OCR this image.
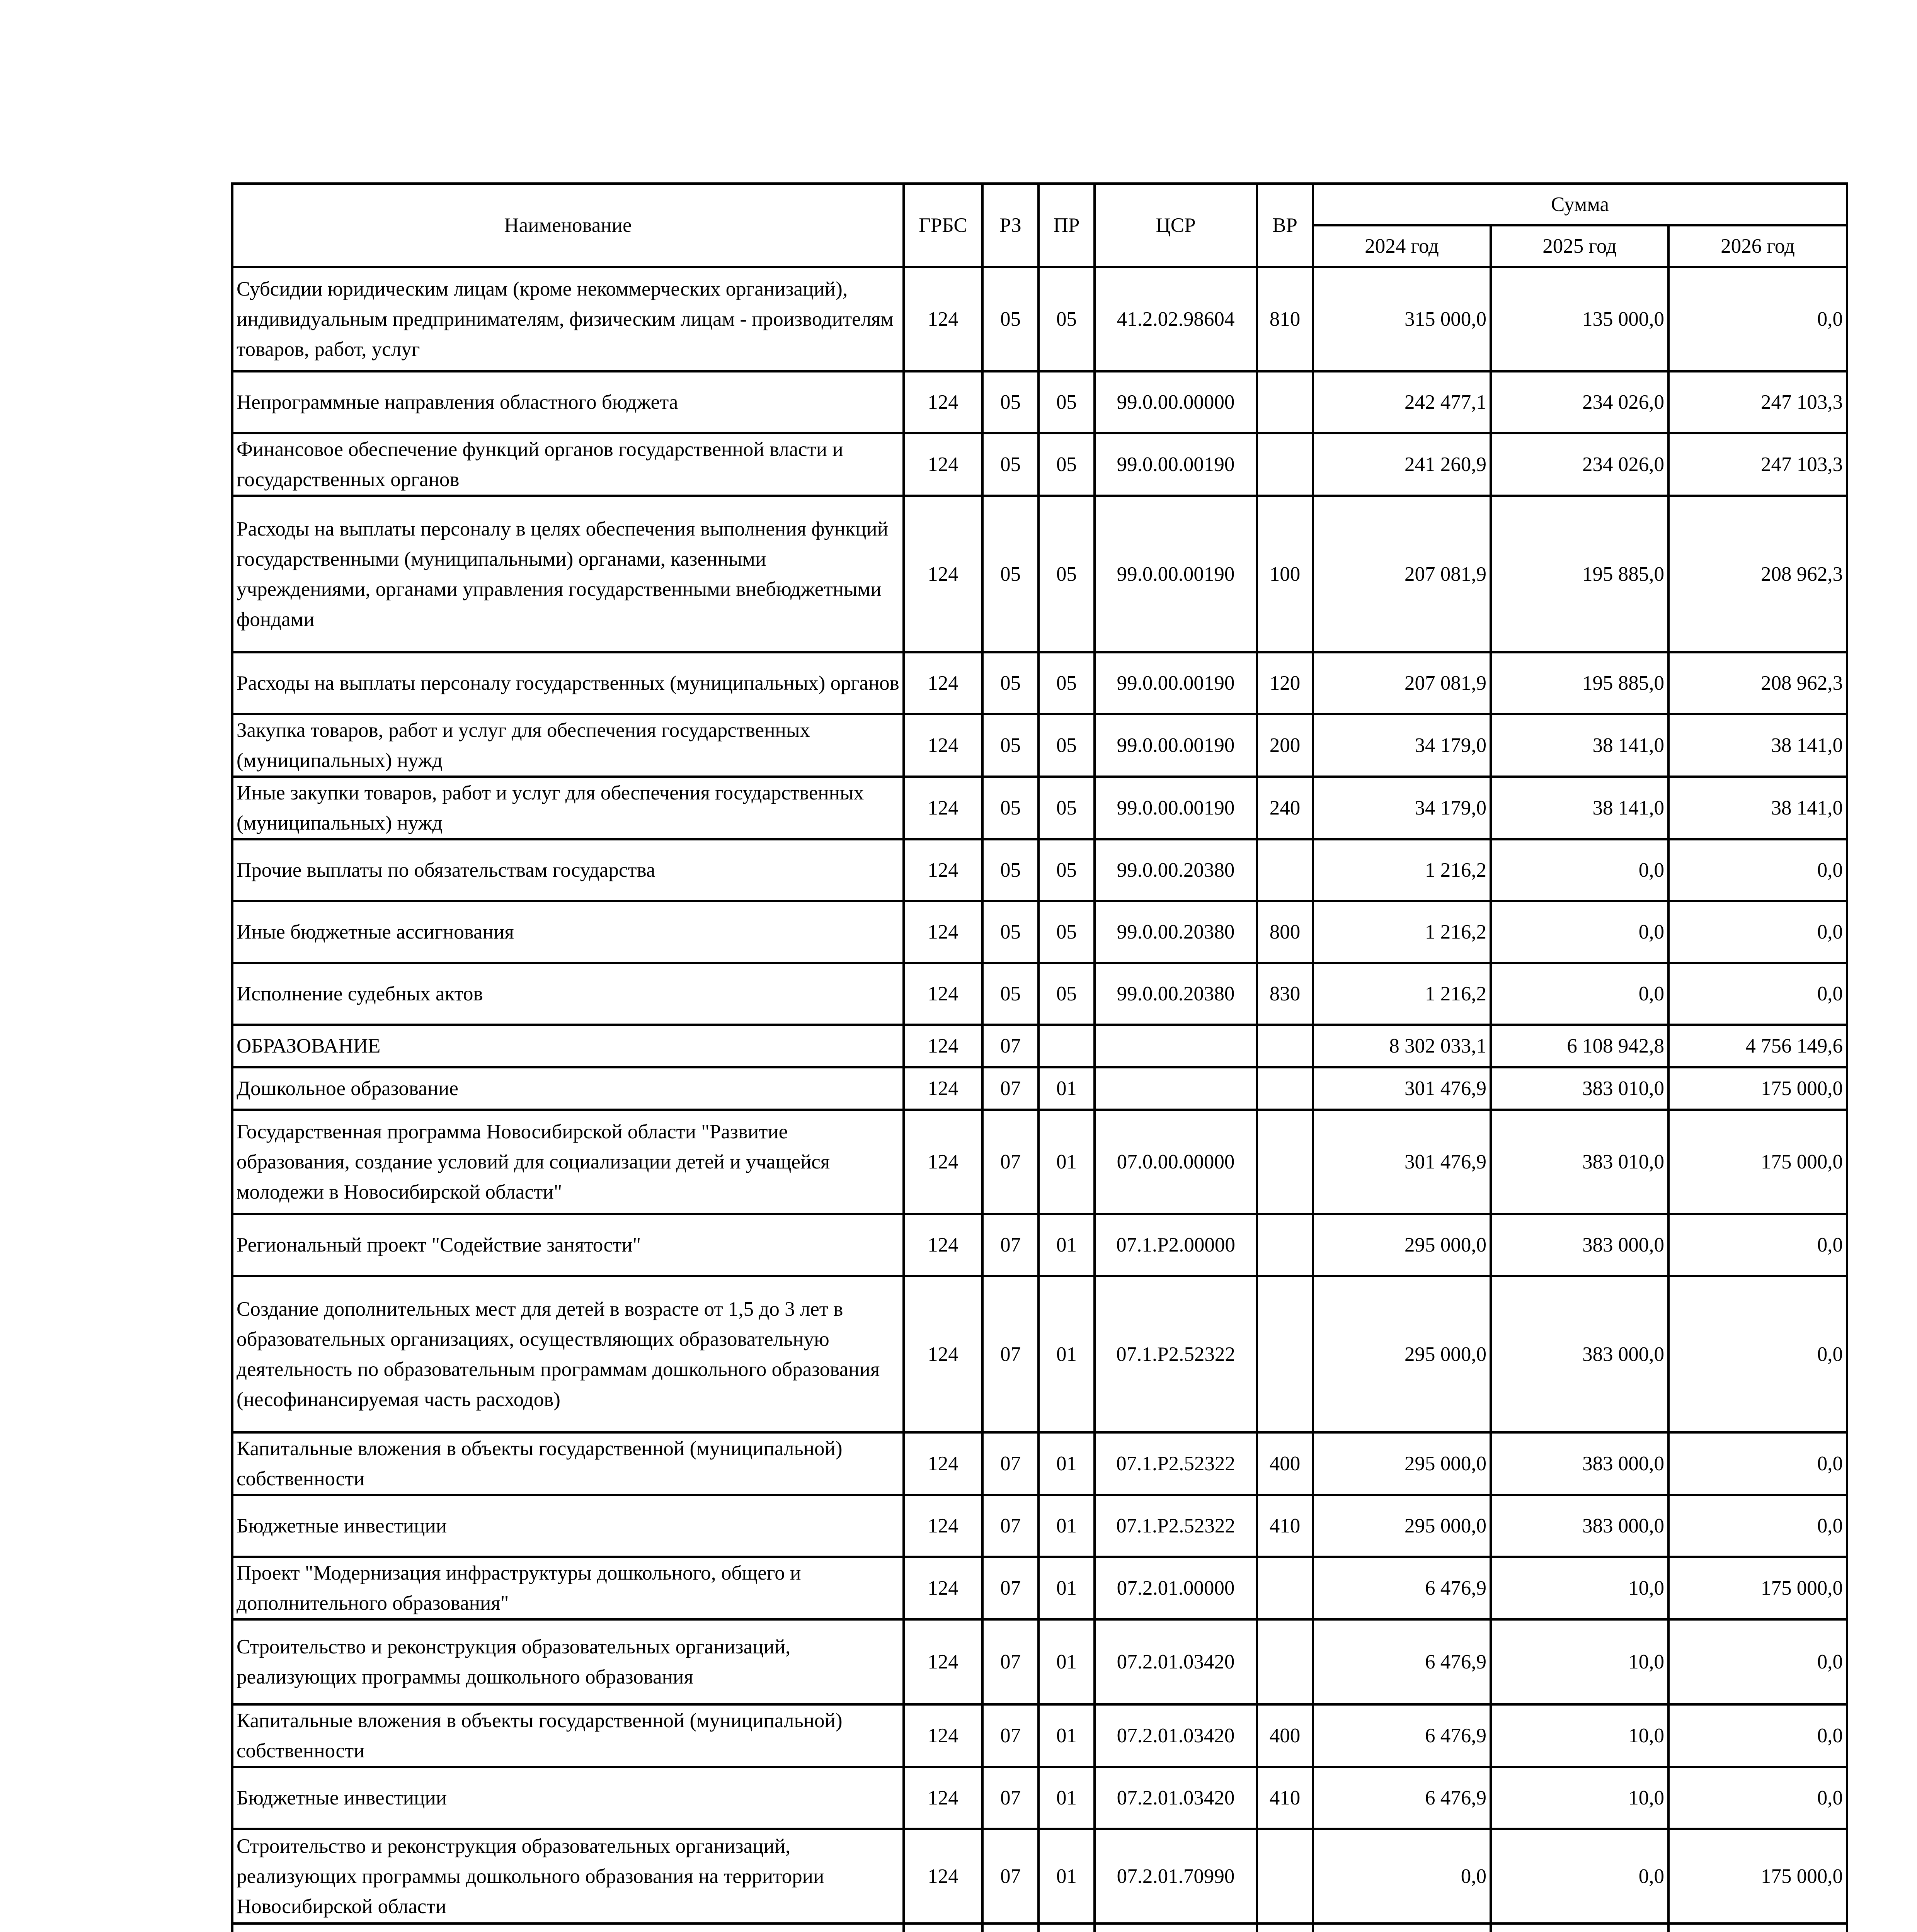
Наименование	ГРБС	РЗ	ПР	ЦСР	ВР	Сумма		
						2024 год	2025 год	2026 год
Субсидии юридическим лицам (кроме некоммерческих организаций), индивидуальным предпринимателям, физическим лицам - производителям товаров, работ, услуг	124	05	05	41.2.02.98604	810	315 000,0	135 000,0	0,0
Непрограммные направления областного бюджета	124	05	05	99.0.00.00000		242 477,1	234 026,0	247 103,3
Финансовое обеспечение функций органов государственной власти и государственных органов	124	05	05	99.0.00.00190		241 260,9	234 026,0	247 103,3
Расходы на выплаты персоналу в целях обеспечения выполнения функций государственными (муниципальными) органами, казенными учреждениями, органами управления государственными внебюджетными фондами	124	05	05	99.0.00.00190	100	207 081,9	195 885,0	208 962,3
Расходы на выплаты персоналу государственных (муниципальных) органов	124	05	05	99.0.00.00190	120	207 081,9	195 885,0	208 962,3
Закупка товаров, работ и услуг для обеспечения государственных (муниципальных) нужд	124	05	05	99.0.00.00190	200	34 179,0	38 141,0	38 141,0
Иные закупки товаров, работ и услуг для обеспечения государственных (муниципальных) нужд	124	05	05	99.0.00.00190	240	34 179,0	38 141,0	38 141,0
Прочие выплаты по обязательствам государства	124	05	05	99.0.00.20380		1 216,2	0,0	0,0
Иные бюджетные ассигнования	124	05	05	99.0.00.20380	800	1 216,2	0,0	0,0
Исполнение судебных актов	124	05	05	99.0.00.20380	830	1 216,2	0,0	0,0
ОБРАЗОВАНИЕ	124	07				8 302 033,1	6 108 942,8	4 756 149,6
Дошкольное образование	124	07	01			301 476,9	383 010,0	175 000,0
Государственная программа Новосибирской области "Развитие образования, создание условий для социализации детей и учащейся молодежи в Новосибирской области"	124	07	01	07.0.00.00000		301 476,9	383 010,0	175 000,0
Региональный проект "Содействие занятости"	124	07	01	07.1.P2.00000		295 000,0	383 000,0	0,0
Создание дополнительных мест для детей в возрасте от 1,5 до 3 лет в образовательных организациях, осуществляющих образовательную деятельность по образовательным программам дошкольного образования (несофинансируемая часть расходов)	124	07	01	07.1.P2.52322		295 000,0	383 000,0	0,0
Капитальные вложения в объекты государственной (муниципальной) собственности	124	07	01	07.1.P2.52322	400	295 000,0	383 000,0	0,0
Бюджетные инвестиции	124	07	01	07.1.P2.52322	410	295 000,0	383 000,0	0,0
Проект "Модернизация инфраструктуры дошкольного, общего и дополнительного образования"	124	07	01	07.2.01.00000		6 476,9	10,0	175 000,0
Строительство и реконструкция образовательных организаций, реализующих программы дошкольного образования	124	07	01	07.2.01.03420		6 476,9	10,0	0,0
Капитальные вложения в объекты государственной (муниципальной) собственности	124	07	01	07.2.01.03420	400	6 476,9	10,0	0,0
Бюджетные инвестиции	124	07	01	07.2.01.03420	410	6 476,9	10,0	0,0
Строительство и реконструкция образовательных организаций, реализующих программы дошкольного образования на территории Новосибирской области	124	07	01	07.2.01.70990		0,0	0,0	175 000,0
